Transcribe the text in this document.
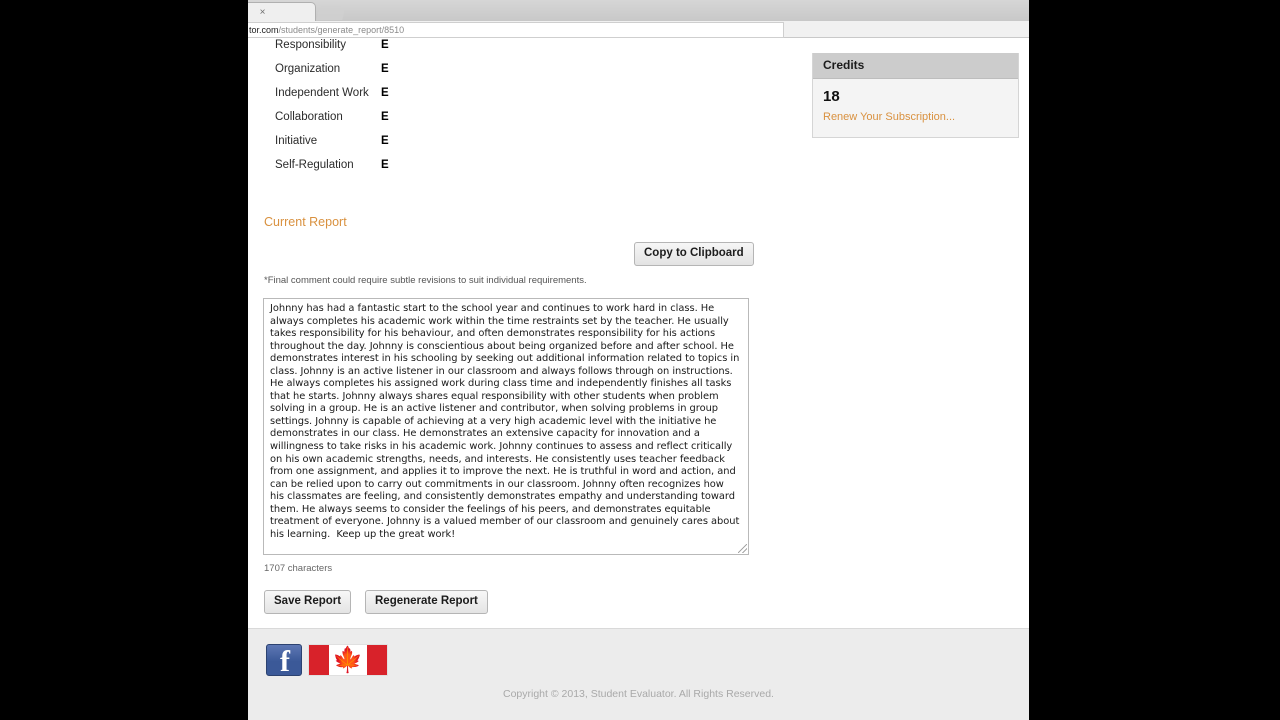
×
tor.com/students/generate_report/8510
Responsibility	E
Organization	E
Independent Work E
Collaboration	E
Initiative	E
Self-Regulation E
Current Report
Copy to Clipboard
*Final comment could require subtle revisions to suit individual requirements.
Johnny has had a fantastic start to the school year and continues to work hard in class. He always completes his academic work within the time restraints set by the teacher. He usually takes responsibility for his behaviour, and often demonstrates responsibility for his actions throughout the day. Johnny is conscientious about being organized before and after school. He demonstrates interest in his schooling by seeking out additional information related to topics in class. Johnny is an active listener in our classroom and always follows through on instructions. He always completes his assigned work during class time and independently finishes all tasks that he starts. Johnny always shares equal responsibility with other students when problem solving in a group. He is an active listener and contributor, when solving problems in group settings. Johnny is capable of achieving at a very high academic level with the initiative he demonstrates in our class. He demonstrates an extensive capacity for innovation and a willingness to take risks in his academic work. Johnny continues to assess and reflect critically on his own academic strengths, needs, and interests. He consistently uses teacher feedback from one assignment, and applies it to improve the next. He is truthful in word and action, and can be relied upon to carry out commitments in our classroom. Johnny often recognizes how his classmates are feeling, and consistently demonstrates empathy and understanding toward them. He always seems to consider the feelings of his peers, and demonstrates equitable treatment of everyone. Johnny is a valued member of our classroom and genuinely cares about his learning.  Keep up the great work!
1707 characters
Save Report	Regenerate Report
Credits
18
Renew Your Subscription...
f	🍁
Copyright © 2013, Student Evaluator. All Rights Reserved.
